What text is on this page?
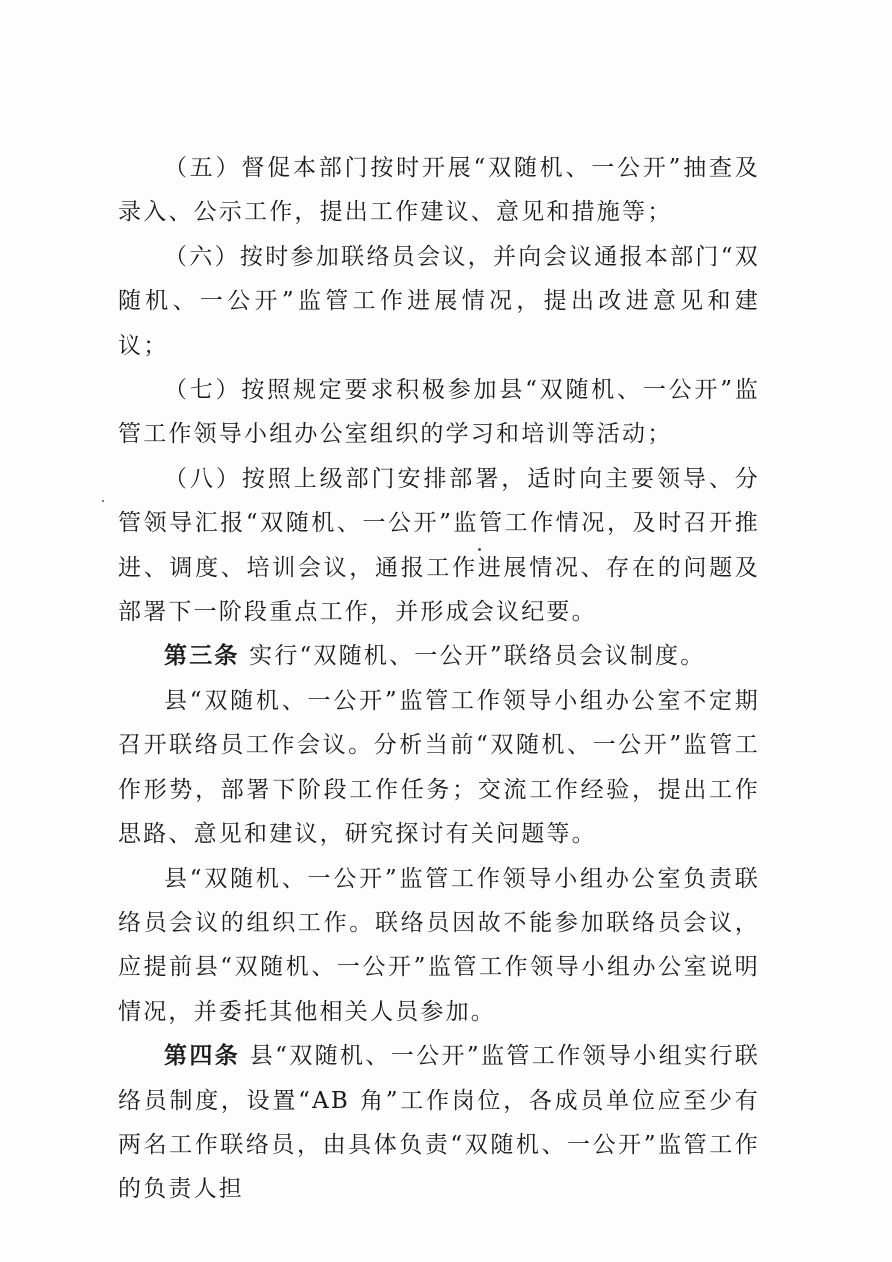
（五）督促本部门按时开展“双随机、一公开”抽查及录入、公示工作，提出工作建议、意见和措施等；

（六）按时参加联络员会议，并向会议通报本部门“双随机、一公开”监管工作进展情况，提出改进意见和建议；

（七）按照规定要求积极参加县“双随机、一公开”监管工作领导小组办公室组织的学习和培训等活动；

（八）按照上级部门安排部署，适时向主要领导、分管领导汇报“双随机、一公开”监管工作情况，及时召开推进、调度、培训会议，通报工作进展情况、存在的问题及部署下一阶段重点工作，并形成会议纪要。

第三条 实行“双随机、一公开”联络员会议制度。

县“双随机、一公开”监管工作领导小组办公室不定期召开联络员工作会议。分析当前“双随机、一公开”监管工作形势，部署下阶段工作任务；交流工作经验，提出工作思路、意见和建议，研究探讨有关问题等。

县“双随机、一公开”监管工作领导小组办公室负责联络员会议的组织工作。联络员因故不能参加联络员会议，应提前县“双随机、一公开”监管工作领导小组办公室说明情况，并委托其他相关人员参加。

第四条 县“双随机、一公开”监管工作领导小组实行联络员制度，设置“AB 角”工作岗位，各成员单位应至少有两名工作联络员，由具体负责“双随机、一公开”监管工作的负责人担
